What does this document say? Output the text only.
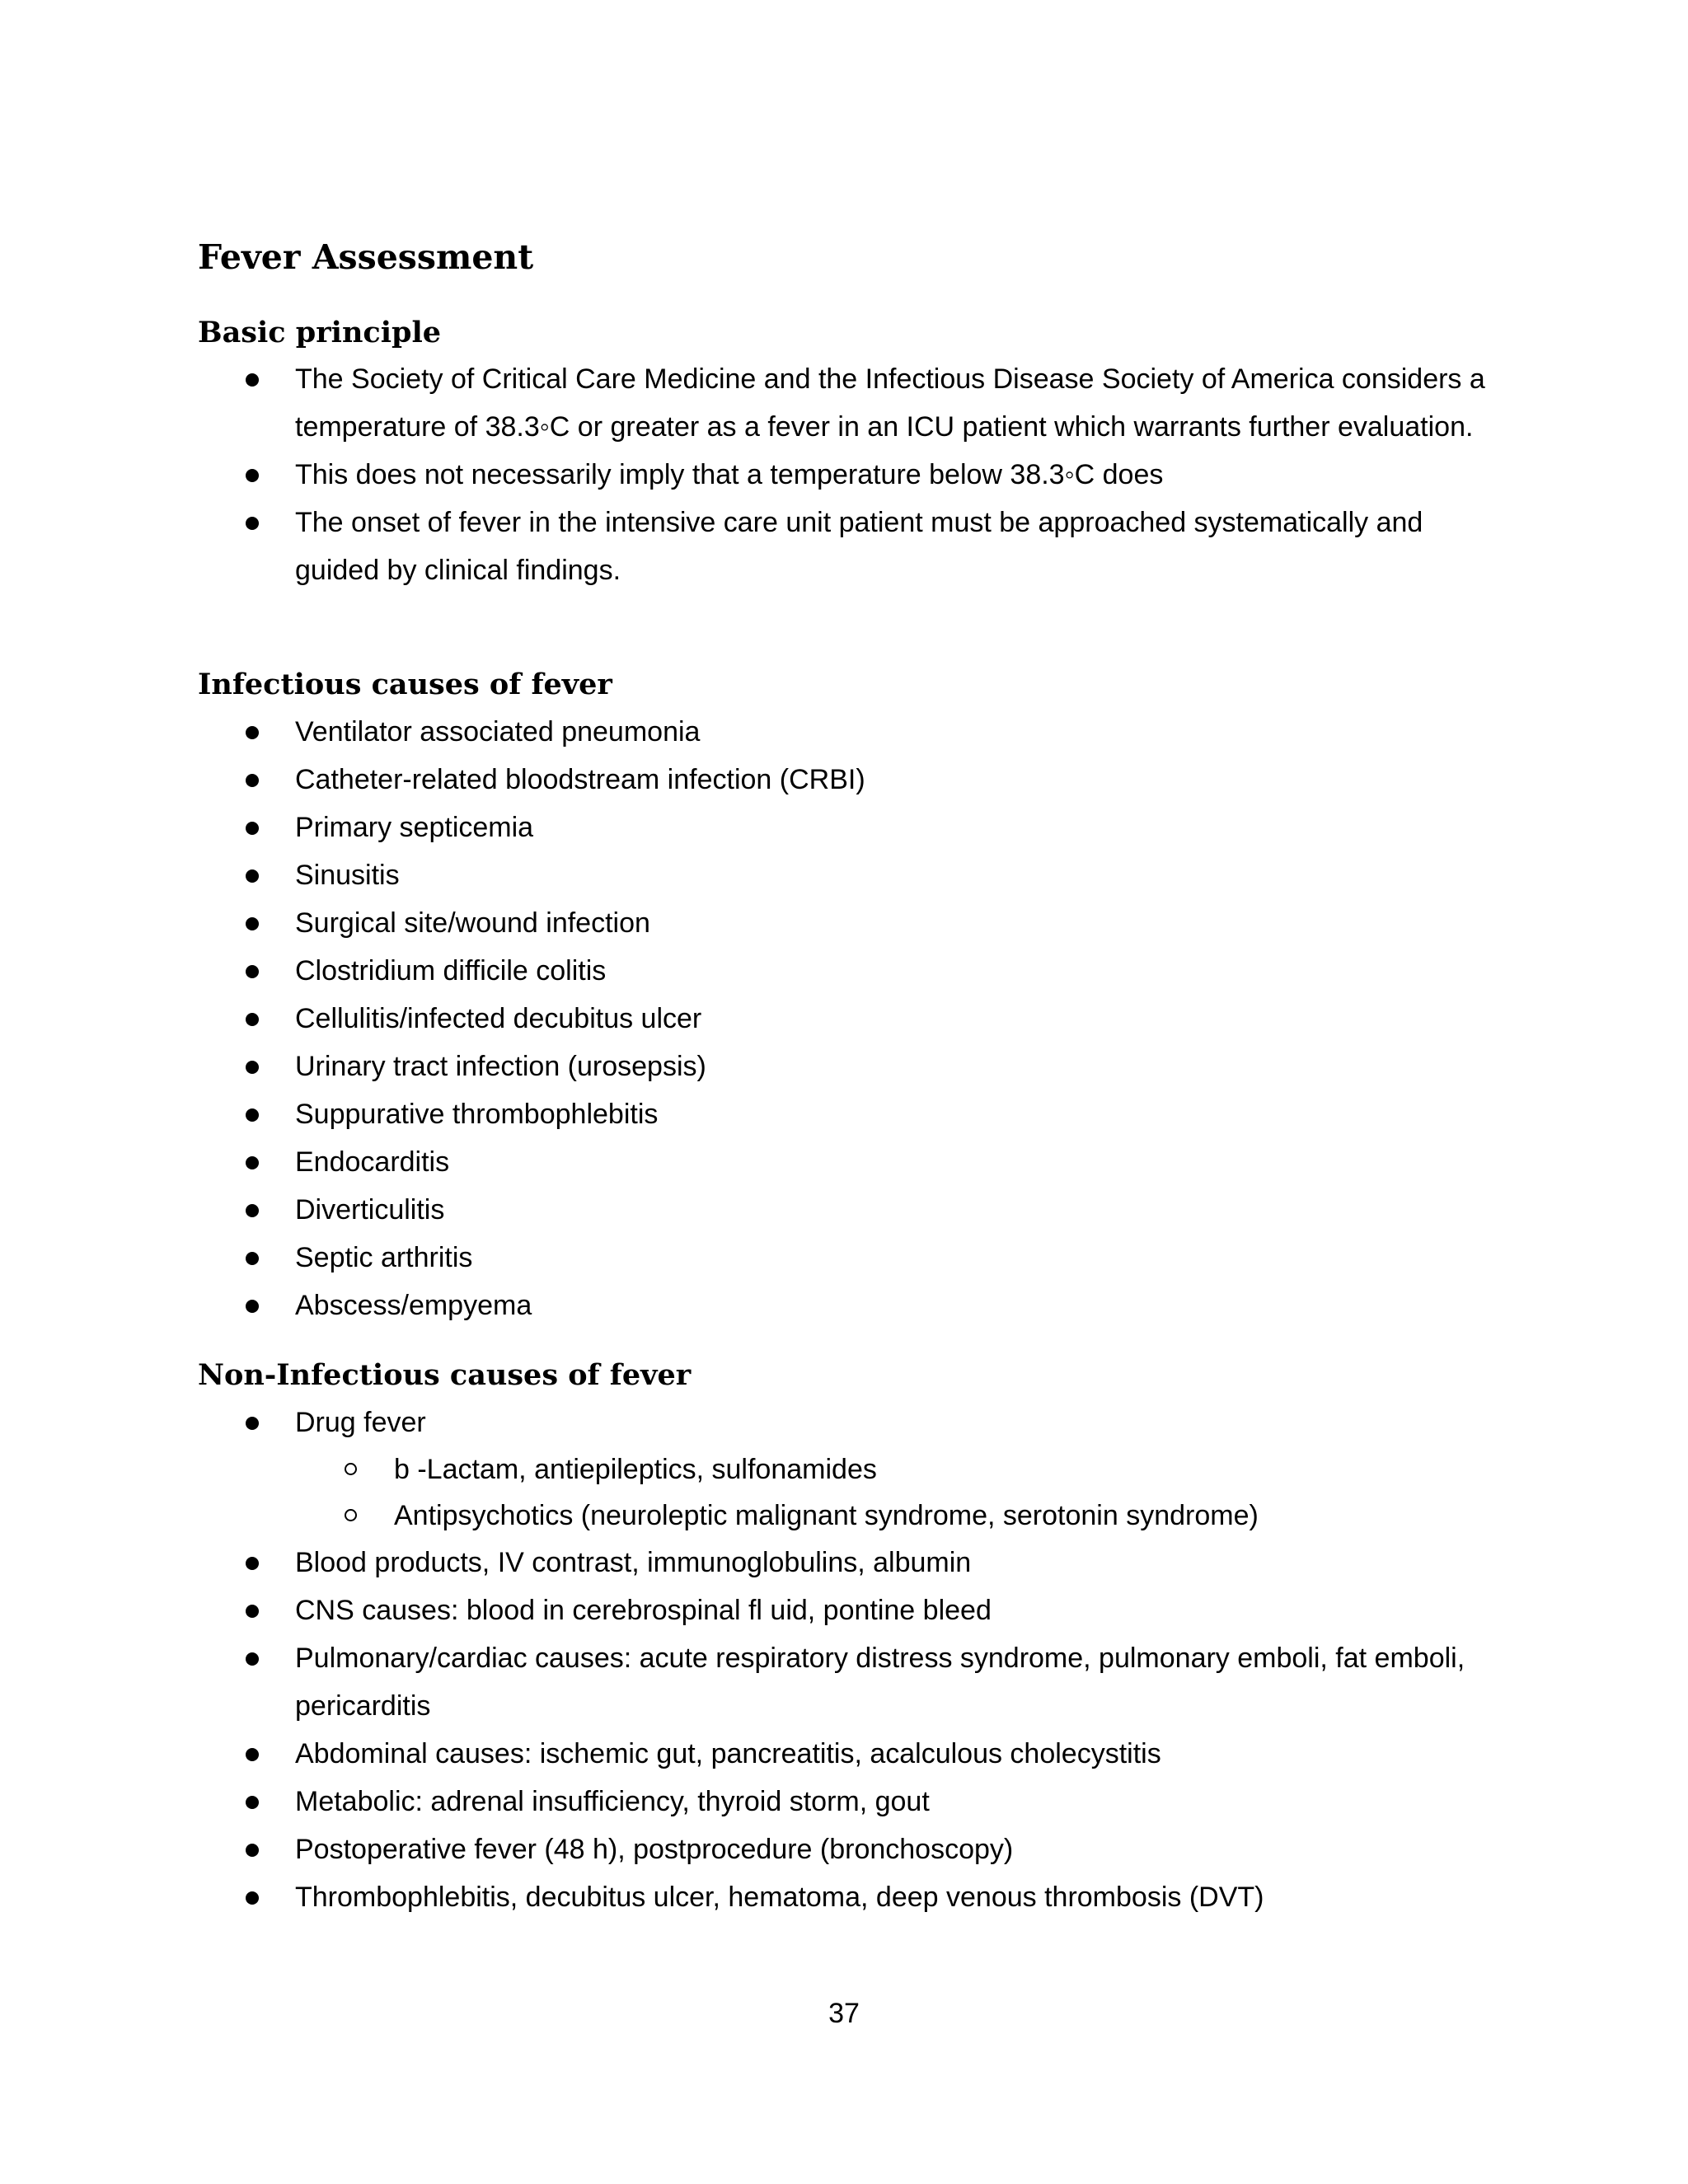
Fever Assessment
Basic principle
The Society of Critical Care Medicine and the Infectious Disease Society of America considers a temperature of 38.3◦C or greater as a fever in an ICU patient which warrants further evaluation.
This does not necessarily imply that a temperature below 38.3◦C does
The onset of fever in the intensive care unit patient must be approached systematically and guided by clinical findings.
Infectious causes of fever
Ventilator associated pneumonia
Catheter-related bloodstream infection (CRBI)
Primary septicemia
Sinusitis
Surgical site/wound infection
Clostridium difficile colitis
Cellulitis/infected decubitus ulcer
Urinary tract infection (urosepsis)
Suppurative thrombophlebitis
Endocarditis
Diverticulitis
Septic arthritis
Abscess/empyema
Non-Infectious causes of fever
Drug fever
b -Lactam, antiepileptics, sulfonamides
Antipsychotics (neuroleptic malignant syndrome, serotonin syndrome)
Blood products, IV contrast, immunoglobulins, albumin
CNS causes: blood in cerebrospinal fl uid, pontine bleed
Pulmonary/cardiac causes: acute respiratory distress syndrome, pulmonary emboli, fat emboli, pericarditis
Abdominal causes: ischemic gut, pancreatitis, acalculous cholecystitis
Metabolic: adrenal insufficiency, thyroid storm, gout
Postoperative fever (48 h), postprocedure (bronchoscopy)
Thrombophlebitis, decubitus ulcer, hematoma, deep venous thrombosis (DVT)
37
